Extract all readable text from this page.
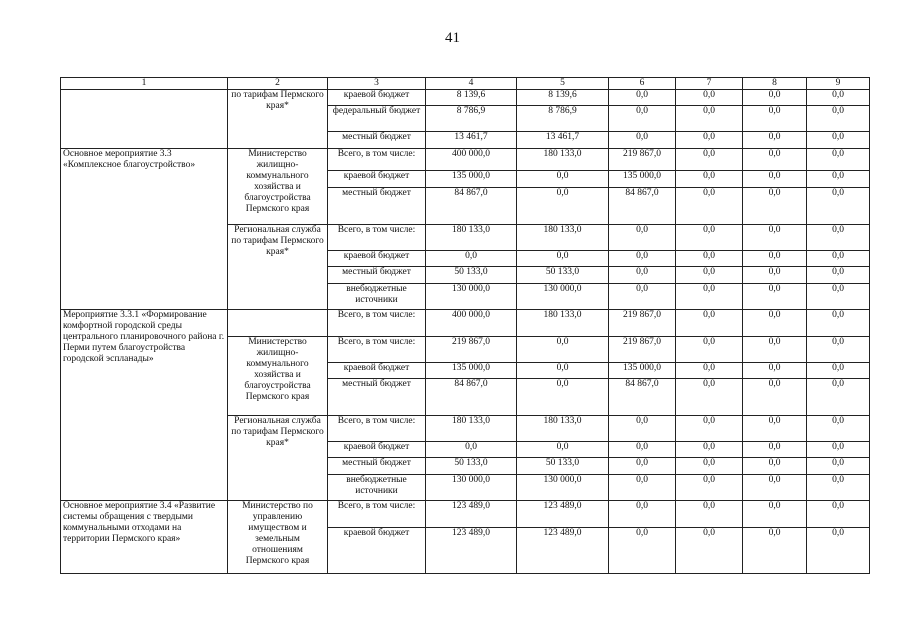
41
1	2	3	4	5	6	7	8	9
	по тарифам Пермского края*	краевой бюджет	8 139,6	8 139,6	0,0	0,0	0,0	0,0
		федеральный бюджет	8 786,9	8 786,9	0,0	0,0	0,0	0,0
		местный бюджет	13 461,7	13 461,7	0,0	0,0	0,0	0,0
Основное мероприятие 3.3 «Комплексное благоустройство»	Министерство жилищно-коммунального хозяйства и благоустройства Пермского края	Всего, в том числе:	400 000,0	180 133,0	219 867,0	0,0	0,0	0,0
		краевой бюджет	135 000,0	0,0	135 000,0	0,0	0,0	0,0
		местный бюджет	84 867,0	0,0	84 867,0	0,0	0,0	0,0
	Региональная служба по тарифам Пермского края*	Всего, в том числе:	180 133,0	180 133,0	0,0	0,0	0,0	0,0
		краевой бюджет	0,0	0,0	0,0	0,0	0,0	0,0
		местный бюджет	50 133,0	50 133,0	0,0	0,0	0,0	0,0
		внебюджетные источники	130 000,0	130 000,0	0,0	0,0	0,0	0,0
Мероприятие 3.3.1 «Формирование комфортной городской среды центрального планировочного района г. Перми путем благоустройства городской эспланады»		Всего, в том числе:	400 000,0	180 133,0	219 867,0	0,0	0,0	0,0
	Министерство жилищно-коммунального хозяйства и благоустройства Пермского края	Всего, в том числе:	219 867,0	0,0	219 867,0	0,0	0,0	0,0
		краевой бюджет	135 000,0	0,0	135 000,0	0,0	0,0	0,0
		местный бюджет	84 867,0	0,0	84 867,0	0,0	0,0	0,0
	Региональная служба по тарифам Пермского края*	Всего, в том числе:	180 133,0	180 133,0	0,0	0,0	0,0	0,0
		краевой бюджет	0,0	0,0	0,0	0,0	0,0	0,0
		местный бюджет	50 133,0	50 133,0	0,0	0,0	0,0	0,0
		внебюджетные источники	130 000,0	130 000,0	0,0	0,0	0,0	0,0
Основное мероприятие 3.4 «Развитие системы обращения с твердыми коммунальными отходами на территории Пермского края»	Министерство по управлению имуществом и земельным отношениям Пермского края	Всего, в том числе:	123 489,0	123 489,0	0,0	0,0	0,0	0,0
		краевой бюджет	123 489,0	123 489,0	0,0	0,0	0,0	0,0
